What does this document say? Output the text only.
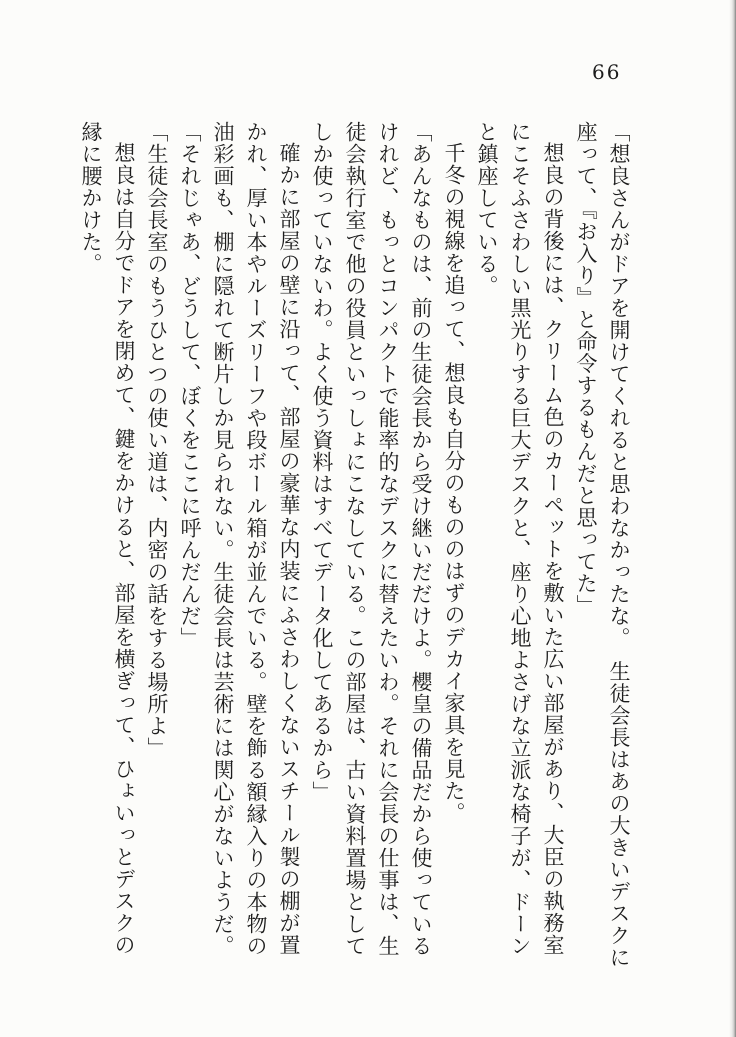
66

「想良さんがドアを開けてくれると思わなかったな。　生徒会長はあの大きいデスクに

座って、『お入り』と命令するもんだと思ってた」

想良の背後には、クリーム色のカーペットを敷いた広い部屋があり、大臣の執務室

にこそふさわしい黒光りする巨大デスクと、座り心地よさげな立派な椅子が、ドーン

と鎮座している。

千冬の視線を追って、想良も自分のもののはずのデカイ家具を見た。

「あんなものは、前の生徒会長から受け継いだだけよ。櫻皇の備品だから使っている

けれど、もっとコンパクトで能率的なデスクに替えたいわ。それに会長の仕事は、生

徒会執行室で他の役員といっしょにこなしている。この部屋は、古い資料置場として

しか使っていないわ。よく使う資料はすべてデータ化してあるから」

確かに部屋の壁に沿って、部屋の豪華な内装にふさわしくないスチール製の棚が置

かれ、厚い本やルーズリーフや段ボール箱が並んでいる。壁を飾る額縁入りの本物の

油彩画も、棚に隠れて断片しか見られない。生徒会長は芸術には関心がないようだ。

「それじゃあ、どうして、ぼくをここに呼んだんだ」

「生徒会長室のもうひとつの使い道は、内密の話をする場所よ」

想良は自分でドアを閉めて、鍵をかけると、部屋を横ぎって、ひょいっとデスクの

縁に腰かけた。
